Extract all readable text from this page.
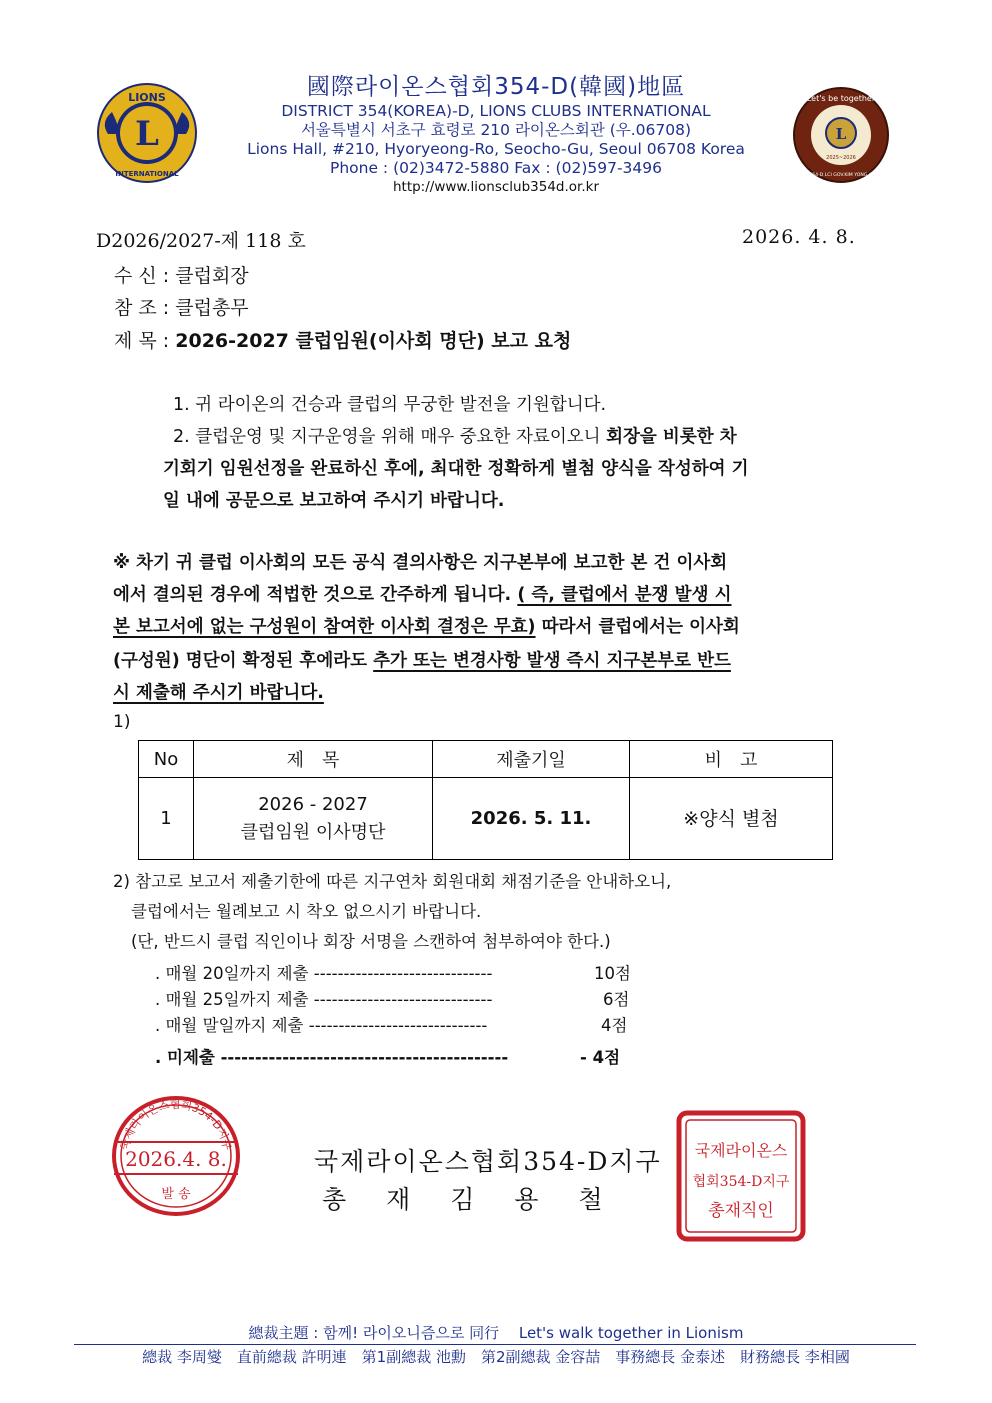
L
LIONS
INTERNATIONAL
L
2025~2026
Let's be together
DIST 354-D LCI GOV.KIM YONG-CHEOL
國際라이온스협회354-D(韓國)地區
DISTRICT 354(KOREA)-D, LIONS CLUBS INTERNATIONAL
서울특별시 서초구 효령로 210 라이온스회관 (우.06708)
Lions Hall, #210, Hyoryeong-Ro, Seocho-Gu, Seoul 06708 Korea
Phone : (02)3472-5880 Fax : (02)597-3496
http://www.lionsclub354d.or.kr
D2026/2027-제 118 호	2026. 4. 8.
수 신 : 클럽회장
참 조 : 클럽총무
제 목 : 2026-2027 클럽임원(이사회 명단) 보고 요청
1. 귀 라이온의 건승과 클럽의 무궁한 발전을 기원합니다.
2. 클럽운영 및 지구운영을 위해 매우 중요한 자료이오니 회장을 비롯한 차
기회기 임원선정을 완료하신 후에, 최대한 정확하게 별첨 양식을 작성하여 기
일 내에 공문으로 보고하여 주시기 바랍니다.
※ 차기 귀 클럽 이사회의 모든 공식 결의사항은 지구본부에 보고한 본 건 이사회
에서 결의된 경우에 적법한 것으로 간주하게 됩니다. ( 즉, 클럽에서 분쟁 발생 시
본 보고서에 없는 구성원이 참여한 이사회 결정은 무효) 따라서 클럽에서는 이사회
(구성원) 명단이 확정된 후에라도 추가 또는 변경사항 발생 즉시 지구본부로 반드
시 제출해 주시기 바랍니다.
1)
No	제　목	제출기일	비　고
1	2026 - 2027
클럽임원 이사명단	2026. 5. 11.	※양식 별첨
2) 참고로 보고서 제출기한에 따른 지구연차 회원대회 채점기준을 안내하오니,
클럽에서는 월례보고 시 착오 없으시기 바랍니다.
(단, 반드시 클럽 직인이나 회장 서명을 스캔하여 첨부하여야 한다.)
. 매월 20일까지 제출 ------------------------------	10점
. 매월 25일까지 제출 ------------------------------	6점
. 매월 말일까지 제출 ------------------------------	4점
. 미제출 ------------------------------------------	- 4점
국제라이온스협회354-D지구
2026.4. 8.
발 송
국제라이온스협회354-D지구
총 재 김 용 철
국제라이온스
협회354-D지구
총재직인
總裁主題 : 함께! 라이오니즘으로 同行　 Let's walk together in Lionism
總裁 李周燮　直前總裁 許明連　第1副總裁 池勳　第2副總裁 金容喆　事務總長 金泰述　財務總長 李相國
